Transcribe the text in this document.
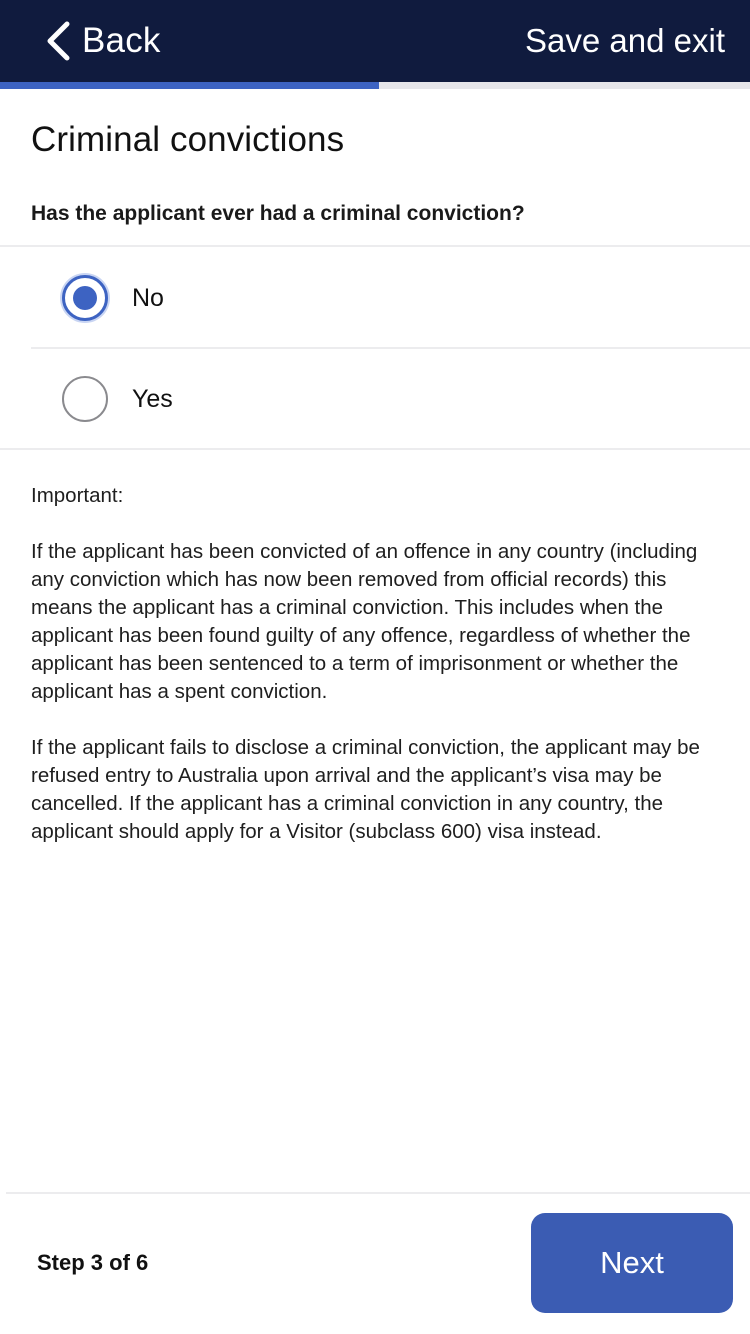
Back	Save and exit
Criminal convictions
Has the applicant ever had a criminal conviction?
No
Yes

Important:

If the applicant has been convicted of an offence in any country (including any conviction which has now been removed from official records) this means the applicant has a criminal conviction. This includes when the applicant has been found guilty of any offence, regardless of whether the applicant has been sentenced to a term of imprisonment or whether the applicant has a spent conviction.

If the applicant fails to disclose a criminal conviction, the applicant may be refused entry to Australia upon arrival and the applicant’s visa may be cancelled. If the applicant has a criminal conviction in any country, the applicant should apply for a Visitor (subclass 600) visa instead.

Step 3 of 6	Next
